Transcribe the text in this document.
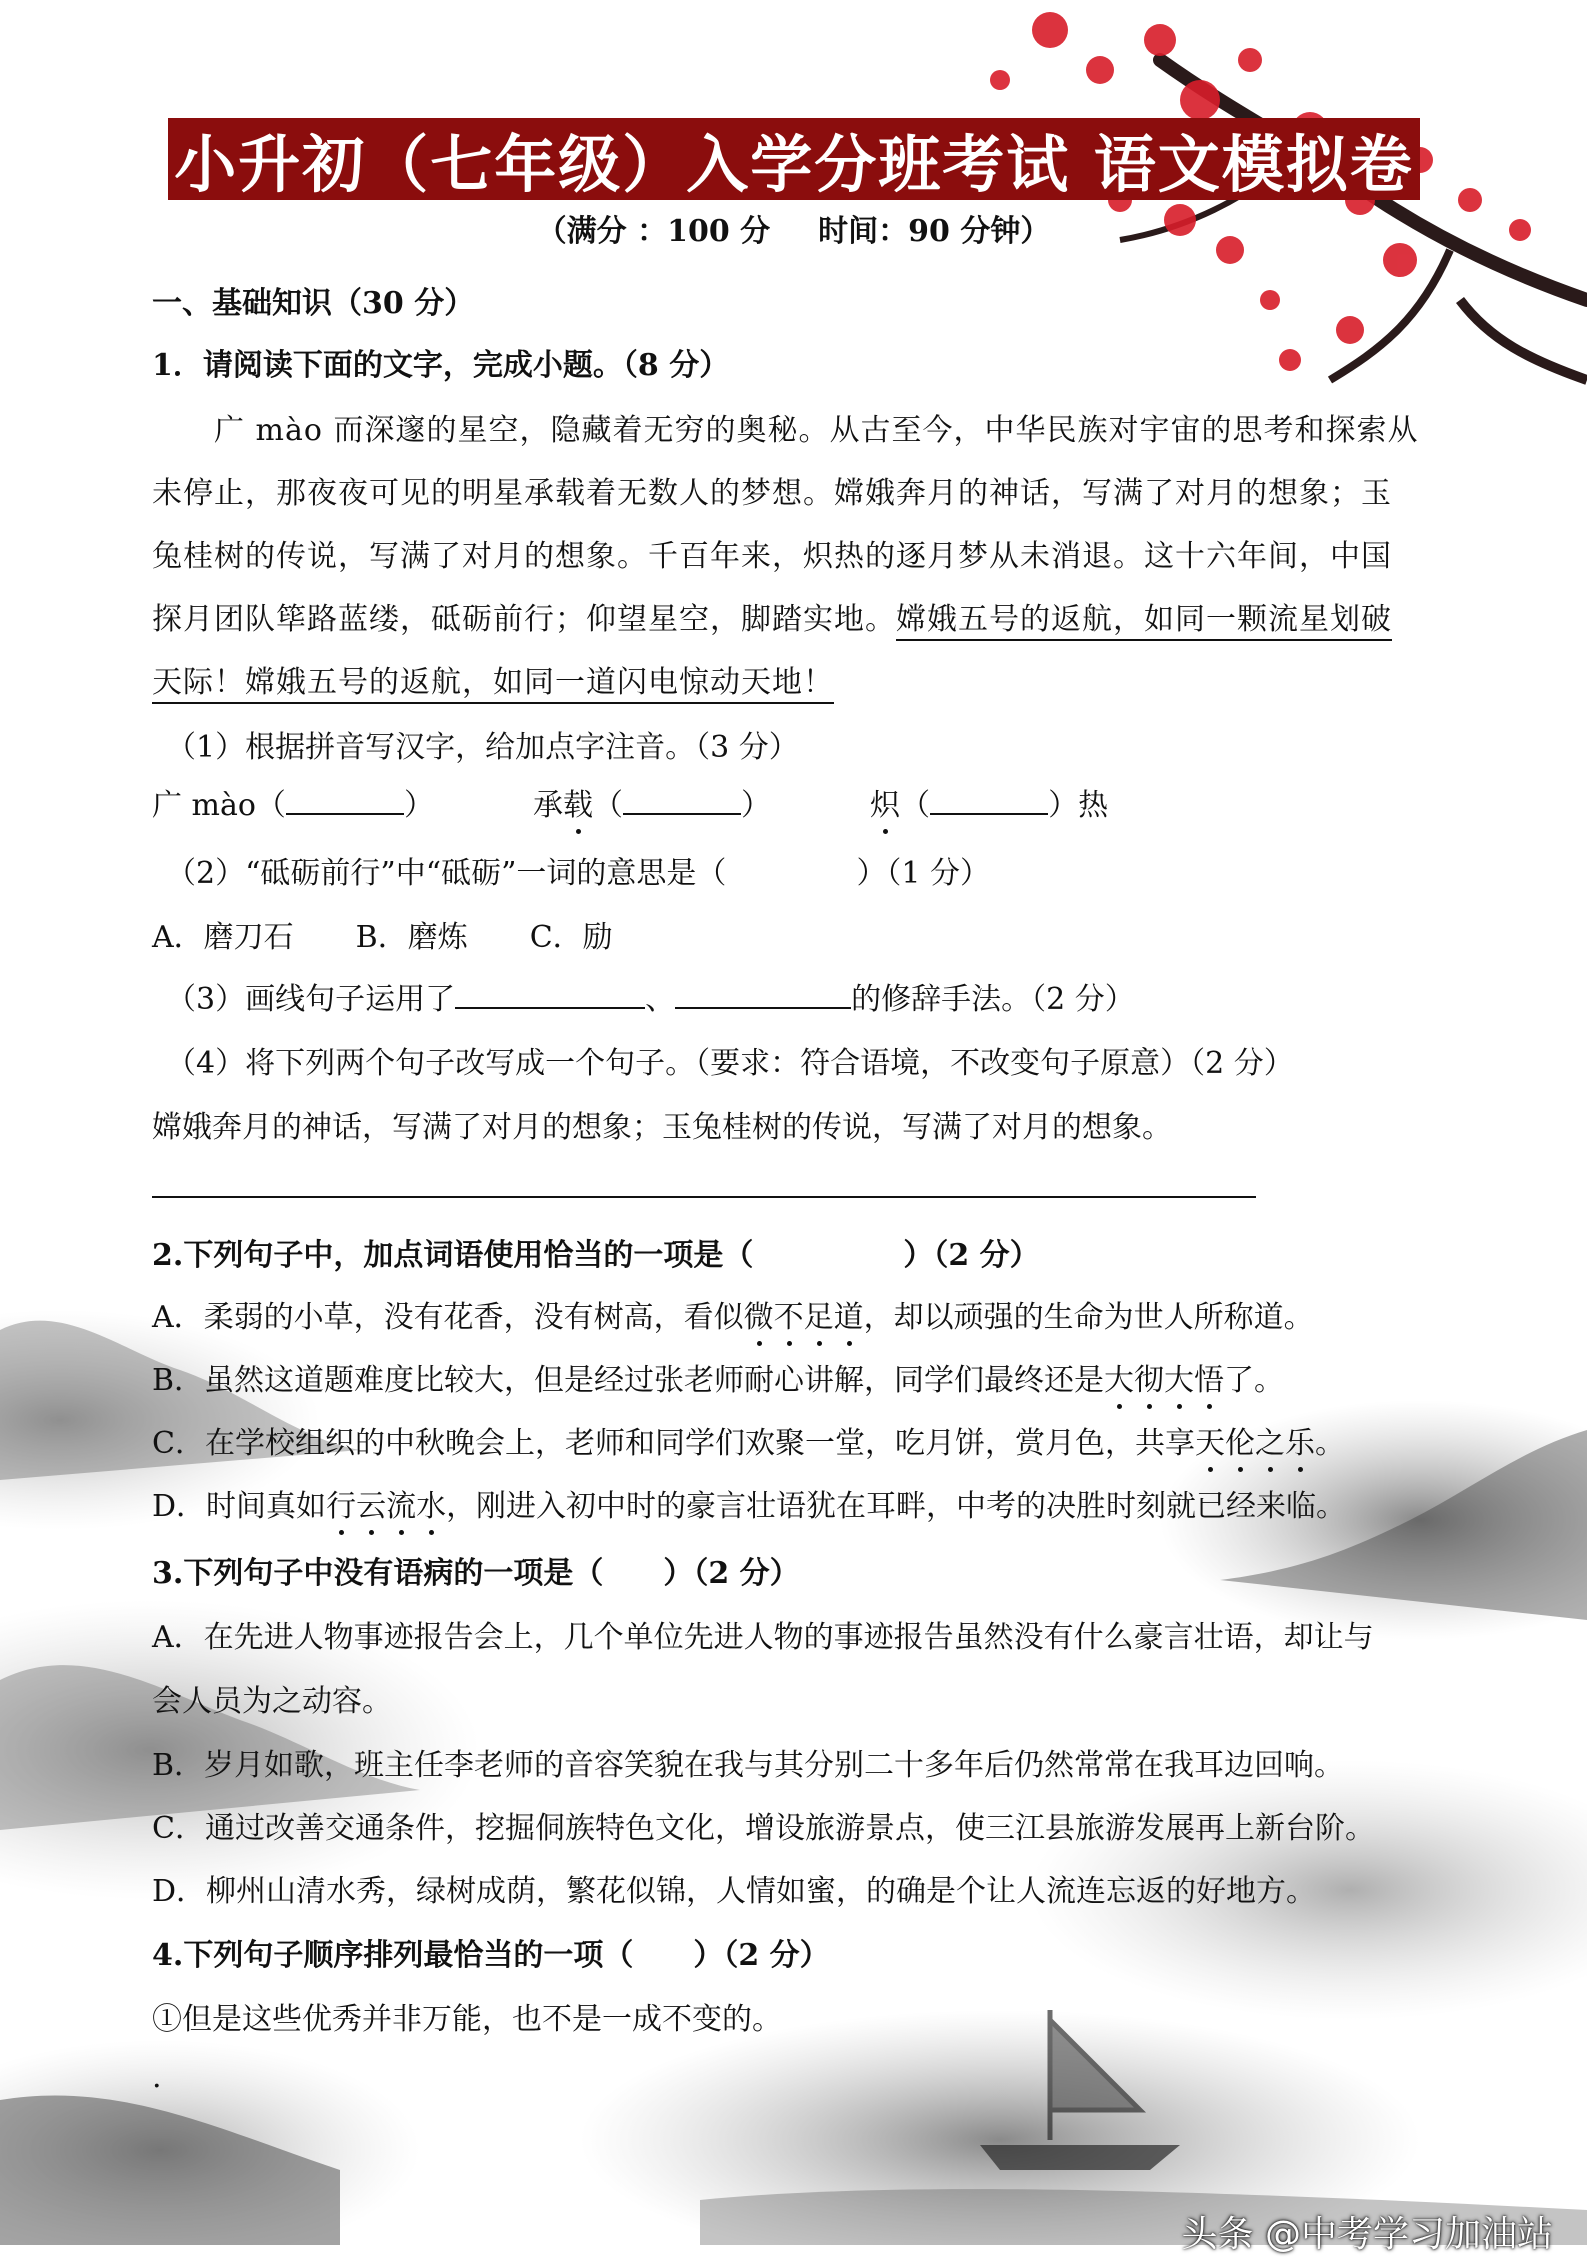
小升初（七年级）入学分班考试 语文模拟卷
（满分 ：100 分 时间：90 分钟）
一、基础知识（30 分）
1．请阅读下面的文字，完成小题。（8 分）
广 mào 而深邃的星空，隐藏着无穷的奥秘。从古至今，中华民族对宇宙的思考和探索从
未停止，那夜夜可见的明星承载着无数人的梦想。嫦娥奔月的神话，写满了对月的想象；玉
兔桂树的传说，写满了对月的想象。千百年来，炽热的逐月梦从未消退。这十六年间，中国
探月团队筚路蓝缕，砥砺前行；仰望星空，脚踏实地。嫦娥五号的返航，如同一颗流星划破
天际！嫦娥五号的返航，如同一道闪电惊动天地！
（1）根据拼音写汉字，给加点字注音。（3 分）
广 mào（	）	承载（	）	炽（	）热
（2）“砥砺前行”中“砥砺”一词的意思是（	）（1 分）
A．磨刀石 B．磨炼 C．励
（3）画线句子运用了	、	的修辞手法。（2 分）
（4）将下列两个句子改写成一个句子。（要求：符合语境，不改变句子原意）（2 分）
嫦娥奔月的神话，写满了对月的想象；玉兔桂树的传说，写满了对月的想象。
2.下列句子中，加点词语使用恰当的一项是（	）（2 分）
A．柔弱的小草，没有花香，没有树高，看似微不足道，却以顽强的生命为世人所称道。
B．虽然这道题难度比较大，但是经过张老师耐心讲解，同学们最终还是大彻大悟了。
C．在学校组织的中秋晚会上，老师和同学们欢聚一堂，吃月饼，赏月色，共享天伦之乐。
D．时间真如行云流水，刚进入初中时的豪言壮语犹在耳畔，中考的决胜时刻就已经来临。
3.下列句子中没有语病的一项是（　　）（2 分）
A．在先进人物事迹报告会上，几个单位先进人物的事迹报告虽然没有什么豪言壮语，却让与
会人员为之动容。
B．岁月如歌，班主任李老师的音容笑貌在我与其分别二十多年后仍然常常在我耳边回响。
C．通过改善交通条件，挖掘侗族特色文化，增设旅游景点，使三江县旅游发展再上新台阶。
D．柳州山清水秀，绿树成荫，繁花似锦，人情如蜜，的确是个让人流连忘返的好地方。
4.下列句子顺序排列最恰当的一项（　　）（2 分）
①但是这些优秀并非万能，也不是一成不变的。
.
头条 @中考学习加油站
